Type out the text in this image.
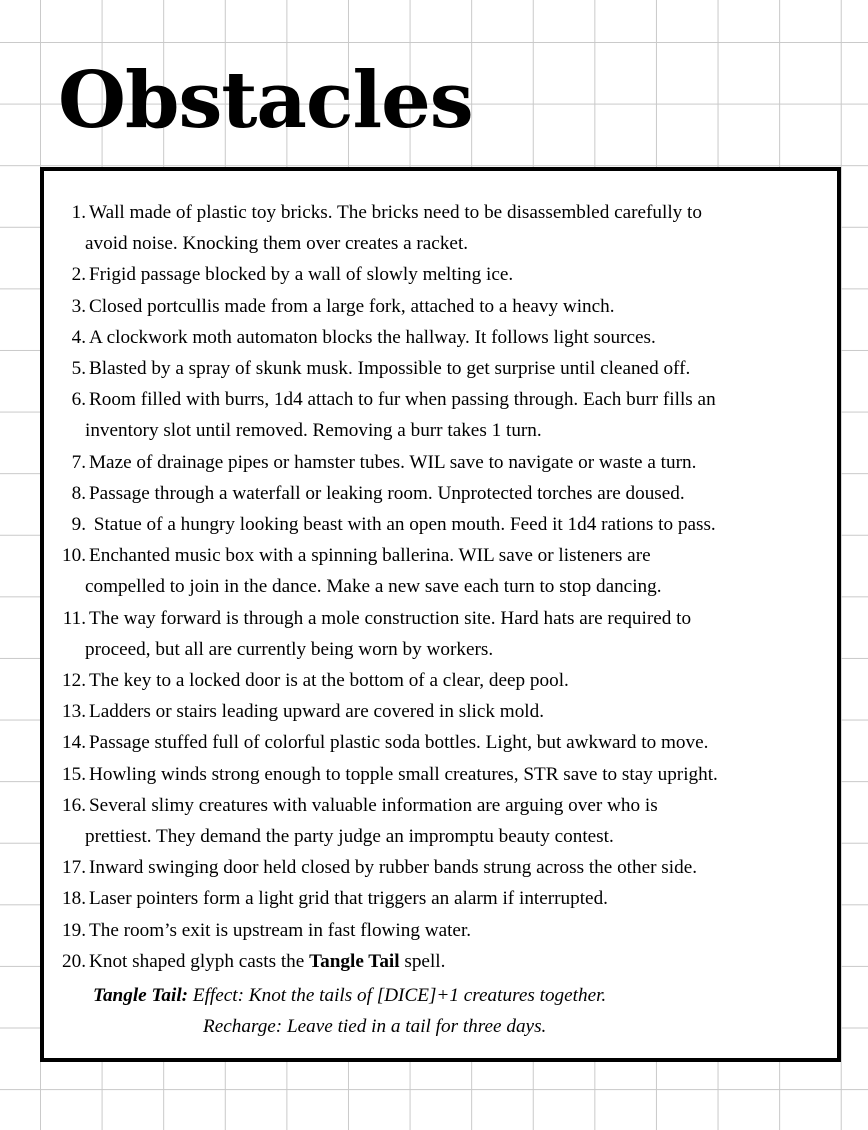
Obstacles
1. Wall made of plastic toy bricks. The bricks need to be disassembled carefully to
avoid noise. Knocking them over creates a racket.
2. Frigid passage blocked by a wall of slowly melting ice.
3. Closed portcullis made from a large fork, attached to a heavy winch.
4. A clockwork moth automaton blocks the hallway. It follows light sources.
5. Blasted by a spray of skunk musk. Impossible to get surprise until cleaned off.
6. Room filled with burrs, 1d4 attach to fur when passing through. Each burr fills an
inventory slot until removed. Removing a burr takes 1 turn.
7. Maze of drainage pipes or hamster tubes. WIL save to navigate or waste a turn.
8. Passage through a waterfall or leaking room. Unprotected torches are doused.
9. Statue of a hungry looking beast with an open mouth. Feed it 1d4 rations to pass.
10. Enchanted music box with a spinning ballerina. WIL save or listeners are
compelled to join in the dance. Make a new save each turn to stop dancing.
11. The way forward is through a mole construction site. Hard hats are required to
proceed, but all are currently being worn by workers.
12. The key to a locked door is at the bottom of a clear, deep pool.
13. Ladders or stairs leading upward are covered in slick mold.
14. Passage stuffed full of colorful plastic soda bottles. Light, but awkward to move.
15. Howling winds strong enough to topple small creatures, STR save to stay upright.
16. Several slimy creatures with valuable information are arguing over who is
prettiest. They demand the party judge an impromptu beauty contest.
17. Inward swinging door held closed by rubber bands strung across the other side.
18. Laser pointers form a light grid that triggers an alarm if interrupted.
19. The room’s exit is upstream in fast flowing water.
20. Knot shaped glyph casts the Tangle Tail spell.
Tangle Tail: Effect: Knot the tails of [DICE]+1 creatures together.
Recharge: Leave tied in a tail for three days.
